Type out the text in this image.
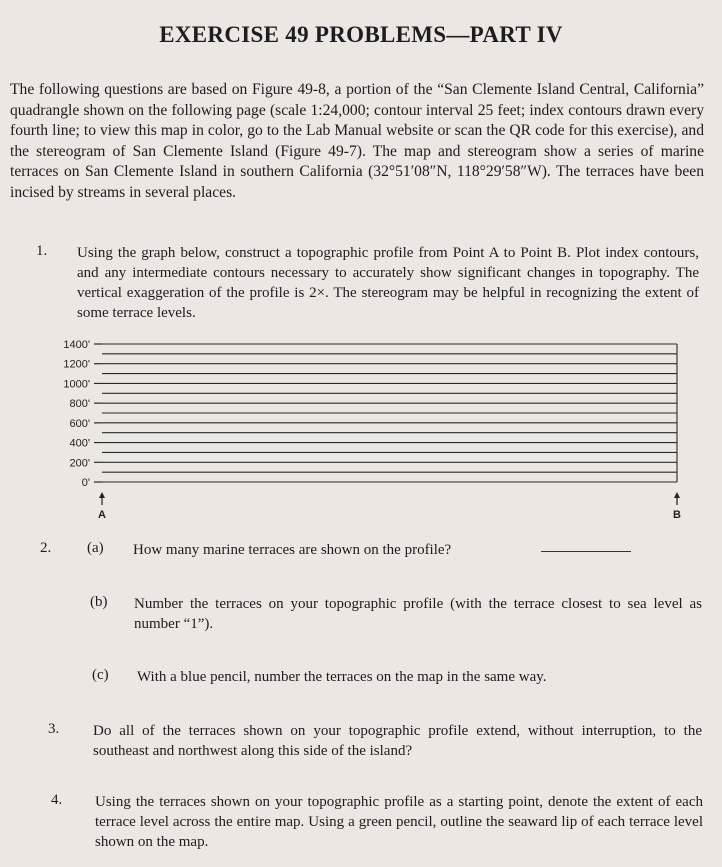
EXERCISE 49 PROBLEMS—PART IV
The following questions are based on Figure 49-8, a portion of the “San Clemente Island Central, California” quadrangle shown on the following page (scale 1:24,000; contour interval 25 feet; index contours drawn every fourth line; to view this map in color, go to the Lab Manual website or scan the QR code for this exercise), and the stereogram of San Clemente Island (Figure 49-7). The map and stereogram show a series of marine terraces on San Clemente Island in southern California (32°51′08″N, 118°29′58″W). The terraces have been incised by streams in several places.
1. Using the graph below, construct a topographic profile from Point A to Point B. Plot index contours, and any intermediate contours necessary to accurately show significant changes in topography. The vertical exaggeration of the profile is 2×. The stereogram may be helpful in recognizing the extent of some terrace levels.
1400'
1200'
1000'
800'
600'
400'
200'
0'
A	B
2. (a) How many marine terraces are shown on the profile?
(b) Number the terraces on your topographic profile (with the terrace closest to sea level as number “1”).
(c) With a blue pencil, number the terraces on the map in the same way.
3. Do all of the terraces shown on your topographic profile extend, without interruption, to the southeast and northwest along this side of the island?
4. Using the terraces shown on your topographic profile as a starting point, denote the extent of each terrace level across the entire map. Using a green pencil, outline the seaward lip of each terrace level shown on the map.
